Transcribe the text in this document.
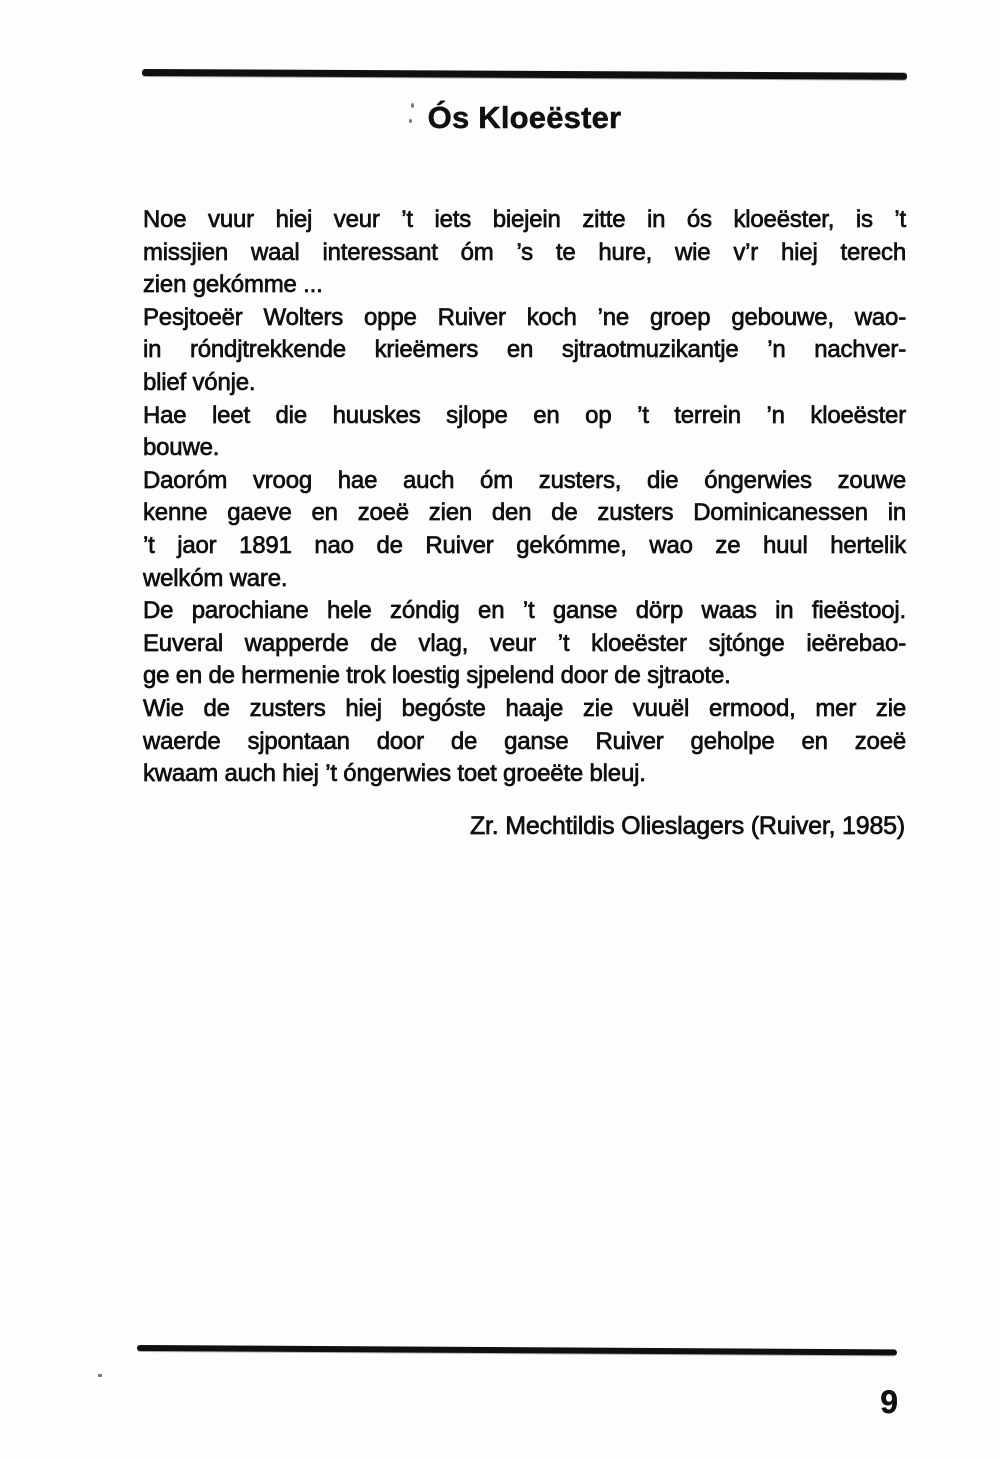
Ós Kloeëster
Noe vuur hiej veur ’t iets biejein zitte in ós kloeëster, is ’t
missjien waal interessant óm ’s te hure, wie v’r hiej terech
zien gekómme ...
Pesjtoeër Wolters oppe Ruiver koch ’ne groep gebouwe, wao-
in róndjtrekkende krieëmers en sjtraotmuzikantje ’n nachver-
blief vónje.
Hae leet die huuskes sjlope en op ’t terrein ’n kloeëster
bouwe.
Daoróm vroog hae auch óm zusters, die óngerwies zouwe
kenne gaeve en zoeë zien den de zusters Dominicanessen in
’t jaor 1891 nao de Ruiver gekómme, wao ze huul hertelik
welkóm ware.
De parochiane hele zóndig en ’t ganse dörp waas in fieëstooj.
Euveral wapperde de vlag, veur ’t kloeëster sjtónge ieërebao-
ge en de hermenie trok loestig sjpelend door de sjtraote.
Wie de zusters hiej begóste haaje zie vuuël ermood, mer zie
waerde sjpontaan door de ganse Ruiver geholpe en zoeë
kwaam auch hiej ’t óngerwies toet groeëte bleuj.
Zr. Mechtildis Olieslagers (Ruiver, 1985)
9
